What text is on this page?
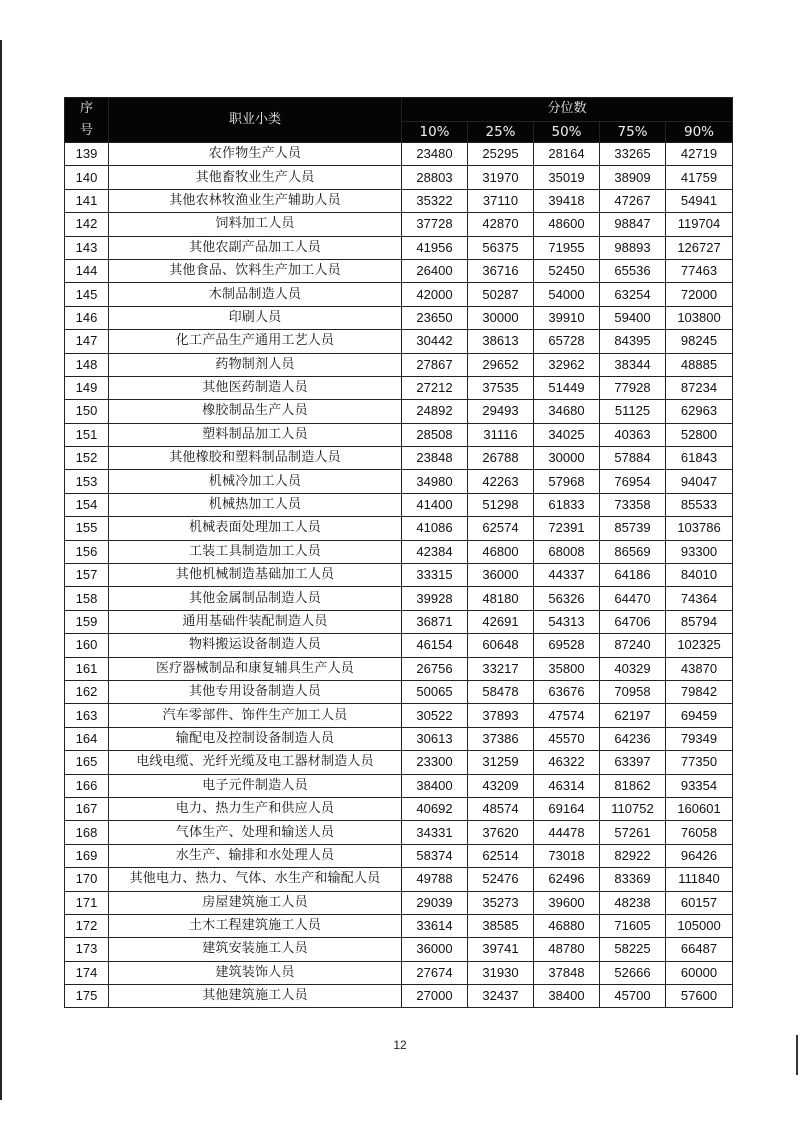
序
号	职业小类	分位数				
		10%	25%	50%	75%	90%
139	农作物生产人员	23480	25295	28164	33265	42719
140	其他畜牧业生产人员	28803	31970	35019	38909	41759
141	其他农林牧渔业生产辅助人员	35322	37110	39418	47267	54941
142	饲料加工人员	37728	42870	48600	98847	119704
143	其他农副产品加工人员	41956	56375	71955	98893	126727
144	其他食品、饮料生产加工人员	26400	36716	52450	65536	77463
145	木制品制造人员	42000	50287	54000	63254	72000
146	印刷人员	23650	30000	39910	59400	103800
147	化工产品生产通用工艺人员	30442	38613	65728	84395	98245
148	药物制剂人员	27867	29652	32962	38344	48885
149	其他医药制造人员	27212	37535	51449	77928	87234
150	橡胶制品生产人员	24892	29493	34680	51125	62963
151	塑料制品加工人员	28508	31116	34025	40363	52800
152	其他橡胶和塑料制品制造人员	23848	26788	30000	57884	61843
153	机械冷加工人员	34980	42263	57968	76954	94047
154	机械热加工人员	41400	51298	61833	73358	85533
155	机械表面处理加工人员	41086	62574	72391	85739	103786
156	工装工具制造加工人员	42384	46800	68008	86569	93300
157	其他机械制造基础加工人员	33315	36000	44337	64186	84010
158	其他金属制品制造人员	39928	48180	56326	64470	74364
159	通用基础件装配制造人员	36871	42691	54313	64706	85794
160	物料搬运设备制造人员	46154	60648	69528	87240	102325
161	医疗器械制品和康复辅具生产人员	26756	33217	35800	40329	43870
162	其他专用设备制造人员	50065	58478	63676	70958	79842
163	汽车零部件、饰件生产加工人员	30522	37893	47574	62197	69459
164	输配电及控制设备制造人员	30613	37386	45570	64236	79349
165	电线电缆、光纤光缆及电工器材制造人员	23300	31259	46322	63397	77350
166	电子元件制造人员	38400	43209	46314	81862	93354
167	电力、热力生产和供应人员	40692	48574	69164	110752	160601
168	气体生产、处理和输送人员	34331	37620	44478	57261	76058
169	水生产、输排和水处理人员	58374	62514	73018	82922	96426
170	其他电力、热力、气体、水生产和输配人员	49788	52476	62496	83369	111840
171	房屋建筑施工人员	29039	35273	39600	48238	60157
172	土木工程建筑施工人员	33614	38585	46880	71605	105000
173	建筑安装施工人员	36000	39741	48780	58225	66487
174	建筑装饰人员	27674	31930	37848	52666	60000
175	其他建筑施工人员	27000	32437	38400	45700	57600
12
